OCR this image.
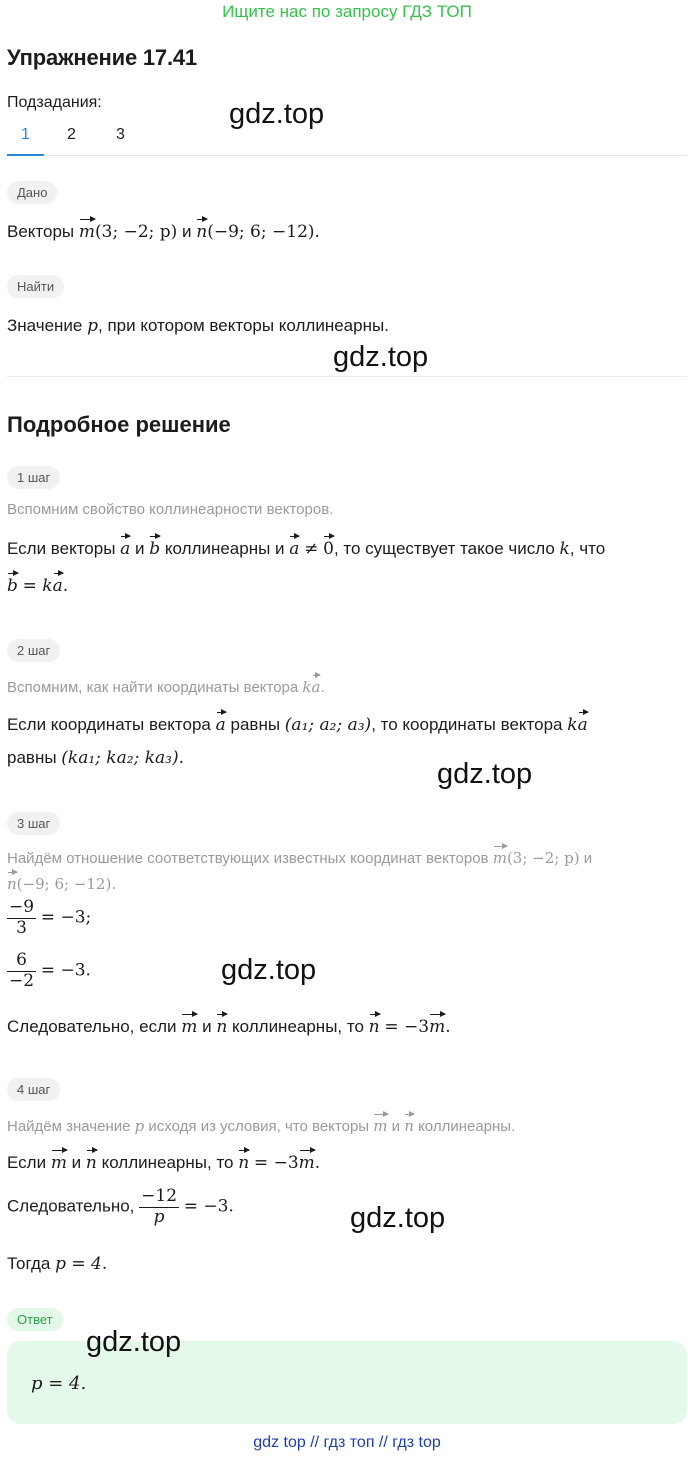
Ищите нас по запросу ГДЗ ТОП
Упражнение 17.41
Подзадания:	gdz.top
1	2	3
Дано
Векторы m(3; −2; p) и n(−9; 6; −12).
Найти
Значение p, при котором векторы коллинеарны.
gdz.top
Подробное решение
1 шаг
Вспомним свойство коллинеарности векторов.
Если векторы a и b коллинеарны и a ≠ 0, то существует такое число k, что
b = ka.
2 шаг
Вспомним, как найти координаты вектора ka.
Если координаты вектора a равны (a₁; a₂; a₃), то координаты вектора ka
равны (ka₁; ka₂; ka₃).	gdz.top
3 шаг
Найдём отношение соответствующих известных координат векторов m(3; −2; p) и
n(−9; 6; −12).
$\frac{-9}{3} = -3$;
$\frac{6}{-2} = -3$.	gdz.top
Следовательно, если m и n коллинеарны, то n = −3m.
4 шаг
Найдём значение p исходя из условия, что векторы m и n коллинеарны.
Если m и n коллинеарны, то n = −3m.
Следовательно, $\frac{-12}{p} = -3$.	gdz.top
Тогда p = 4.
Ответ
p = 4.
gdz.top
gdz top // гдз топ // гдз top
